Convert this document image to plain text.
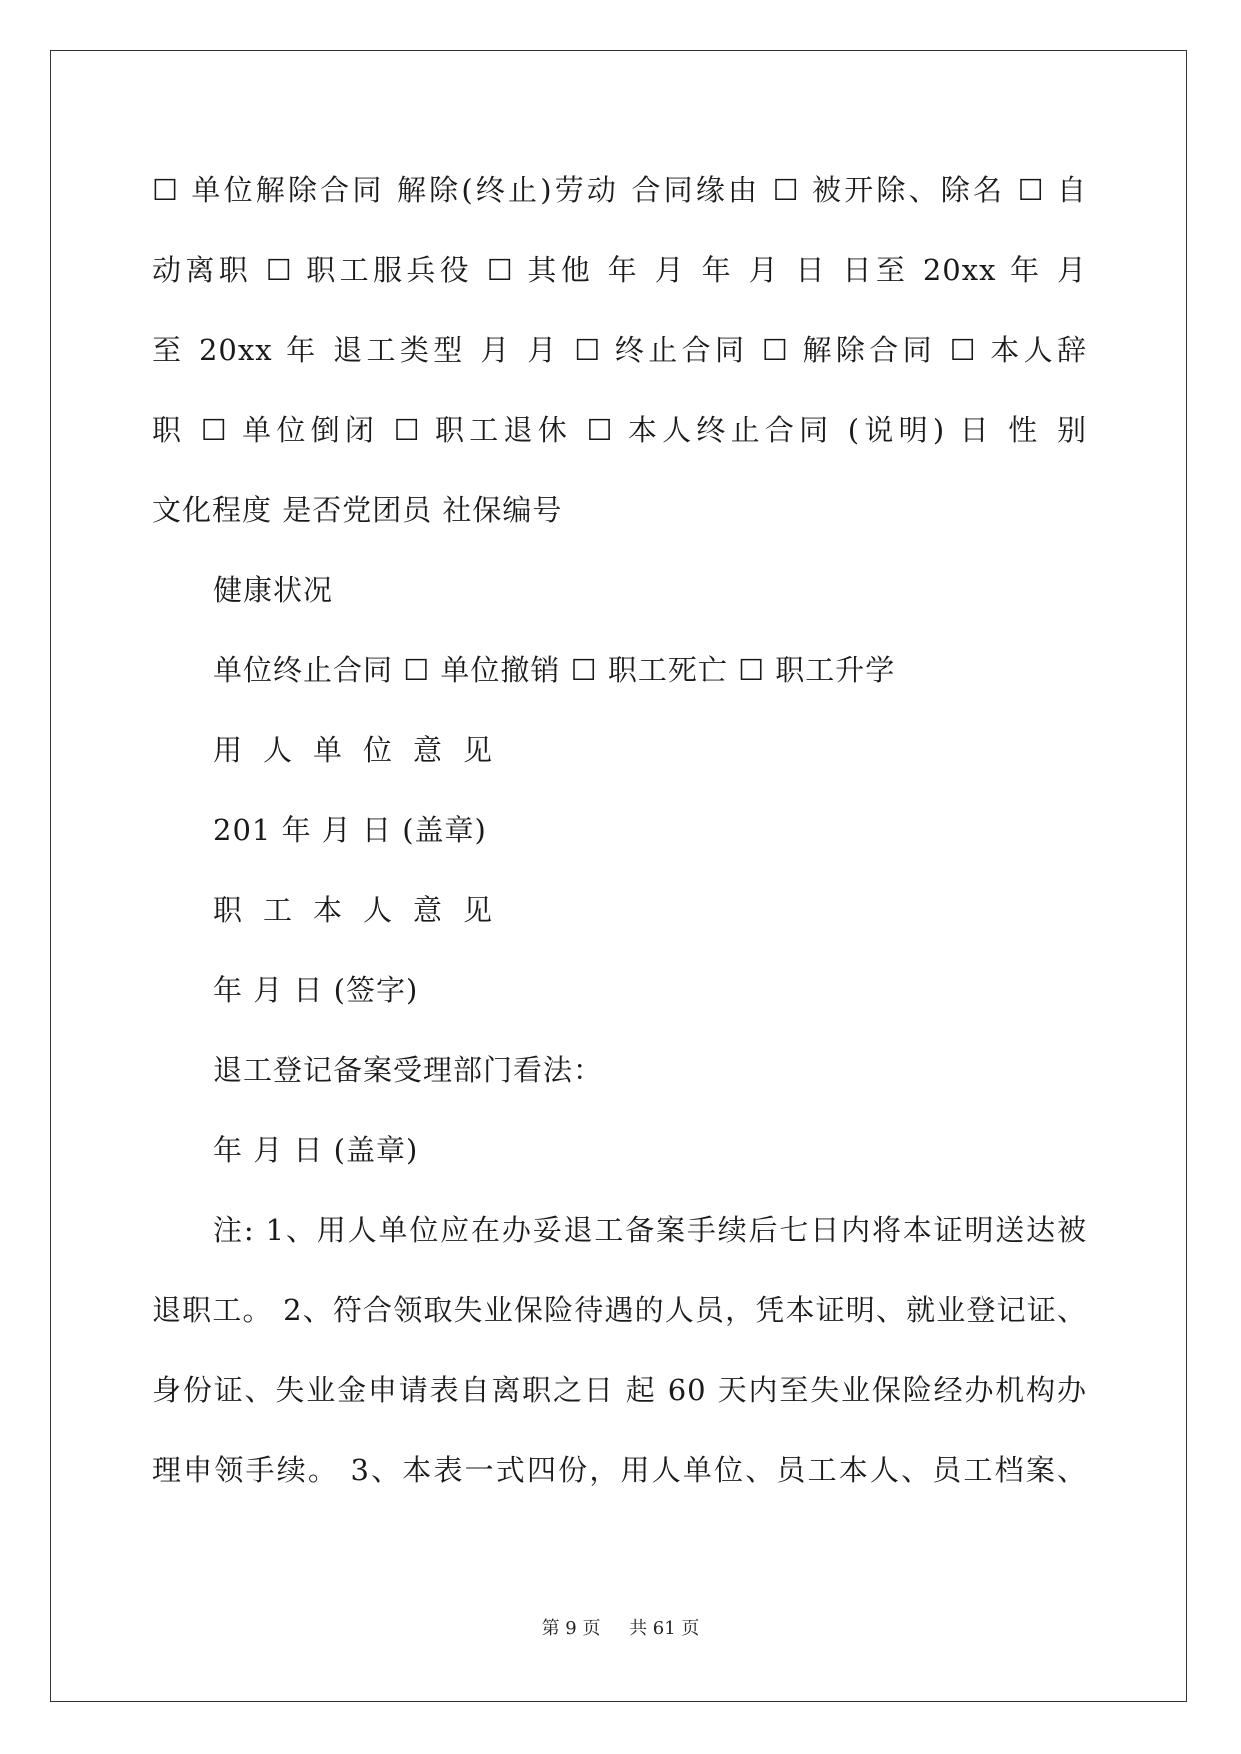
☐ 单位解除合同 解除(终止)劳动 合同缘由 ☐ 被开除、除名 ☐ 自
动离职 ☐ 职工服兵役 ☐ 其他 年 月 年 月 日 日至 20xx 年 月
至 20xx 年 退工类型 月 月 ☐ 终止合同 ☐ 解除合同 ☐ 本人辞
职 ☐ 单位倒闭 ☐ 职工退休 ☐ 本人终止合同 (说明) 日 性 别
文化程度 是否党团员 社保编号
健康状况
单位终止合同 ☐ 单位撤销 ☐ 职工死亡 ☐ 职工升学
用人单位意见
201 年 月 日 (盖章)
职工本人意见
年 月 日 (签字)
退工登记备案受理部门看法：
年 月 日 (盖章)
注: 1、用人单位应在办妥退工备案手续后七日内将本证明送达被
退职工。 2、符合领取失业保险待遇的人员，凭本证明、就业登记证、
身份证、失业金申请表自离职之日 起 60 天内至失业保险经办机构办
理申领手续。 3、本表一式四份，用人单位、员工本人、员工档案、
第 9 页 共 61 页
